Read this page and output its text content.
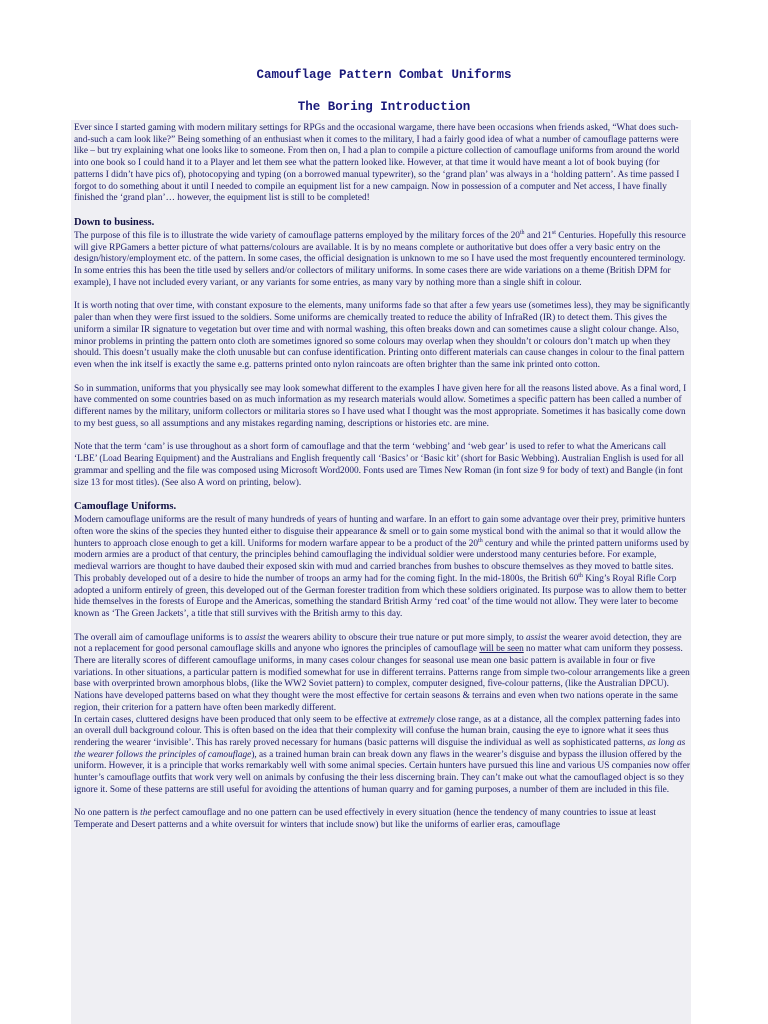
Camouflage Pattern Combat Uniforms
The Boring Introduction

Ever since I started gaming with modern military settings for RPGs and the occasional wargame, there have been occasions when friends asked, “What does such-and-such a cam look like?” Being something of an enthusiast when it comes to the military, I had a fairly good idea of what a number of camouflage patterns were like – but try explaining what one looks like to someone. From then on, I had a plan to compile a picture collection of camouflage uniforms from around the world into one book so I could hand it to a Player and let them see what the pattern looked like. However, at that time it would have meant a lot of book buying (for patterns I didn’t have pics of), photocopying and typing (on a borrowed manual typewriter), so the ‘grand plan’ was always in a ‘holding pattern’. As time passed I forgot to do something about it until I needed to compile an equipment list for a new campaign. Now in possession of a computer and Net access, I have finally finished the ‘grand plan’… however, the equipment list is still to be completed!

Down to business.

The purpose of this file is to illustrate the wide variety of camouflage patterns employed by the military forces of the 20th and 21st Centuries. Hopefully this resource will give RPGamers a better picture of what patterns/colours are available. It is by no means complete or authoritative but does offer a very basic entry on the design/history/employment etc. of the pattern. In some cases, the official designation is unknown to me so I have used the most frequently encountered terminology. In some entries this has been the title used by sellers and/or collectors of military uniforms. In some cases there are wide variations on a theme (British DPM for example), I have not included every variant, or any variants for some entries, as many vary by nothing more than a single shift in colour.

It is worth noting that over time, with constant exposure to the elements, many uniforms fade so that after a few years use (sometimes less), they may be significantly paler than when they were first issued to the soldiers. Some uniforms are chemically treated to reduce the ability of InfraRed (IR) to detect them. This gives the uniform a similar IR signature to vegetation but over time and with normal washing, this often breaks down and can sometimes cause a slight colour change. Also, minor problems in printing the pattern onto cloth are sometimes ignored so some colours may overlap when they shouldn’t or colours don’t match up when they should. This doesn’t usually make the cloth unusable but can confuse identification. Printing onto different materials can cause changes in colour to the final pattern even when the ink itself is exactly the same e.g. patterns printed onto nylon raincoats are often brighter than the same ink printed onto cotton.

So in summation, uniforms that you physically see may look somewhat different to the examples I have given here for all the reasons listed above. As a final word, I have commented on some countries based on as much information as my research materials would allow. Sometimes a specific pattern has been called a number of different names by the military, uniform collectors or militaria stores so I have used what I thought was the most appropriate. Sometimes it has basically come down to my best guess, so all assumptions and any mistakes regarding naming, descriptions or histories etc. are mine.

Note that the term ‘cam’ is use throughout as a short form of camouflage and that the term ‘webbing’ and ‘web gear’ is used to refer to what the Americans call ‘LBE’ (Load Bearing Equipment) and the Australians and English frequently call ‘Basics’ or ‘Basic kit’ (short for Basic Webbing). Australian English is used for all grammar and spelling and the file was composed using Microsoft Word2000. Fonts used are Times New Roman (in font size 9 for body of text) and Bangle (in font size 13 for most titles). (See also A word on printing, below).

Camouflage Uniforms.

Modern camouflage uniforms are the result of many hundreds of years of hunting and warfare. In an effort to gain some advantage over their prey, primitive hunters often wore the skins of the species they hunted either to disguise their appearance & smell or to gain some mystical bond with the animal so that it would allow the hunters to approach close enough to get a kill. Uniforms for modern warfare appear to be a product of the 20th century and while the printed pattern uniforms used by modern armies are a product of that century, the principles behind camouflaging the individual soldier were understood many centuries before. For example, medieval warriors are thought to have daubed their exposed skin with mud and carried branches from bushes to obscure themselves as they moved to battle sites. This probably developed out of a desire to hide the number of troops an army had for the coming fight. In the mid-1800s, the British 60th King’s Royal Rifle Corp adopted a uniform entirely of green, this developed out of the German forester tradition from which these soldiers originated. Its purpose was to allow them to better hide themselves in the forests of Europe and the Americas, something the standard British Army ‘red coat’ of the time would not allow. They were later to become known as ‘The Green Jackets’, a title that still survives with the British army to this day.

The overall aim of camouflage uniforms is to assist the wearers ability to obscure their true nature or put more simply, to assist the wearer avoid detection, they are not a replacement for good personal camouflage skills and anyone who ignores the principles of camouflage will be seen no matter what cam uniform they possess. There are literally scores of different camouflage uniforms, in many cases colour changes for seasonal use mean one basic pattern is available in four or five variations. In other situations, a particular pattern is modified somewhat for use in different terrains. Patterns range from simple two-colour arrangements like a green base with overprinted brown amorphous blobs, (like the WW2 Soviet pattern) to complex, computer designed, five-colour patterns, (like the Australian DPCU). Nations have developed patterns based on what they thought were the most effective for certain seasons & terrains and even when two nations operate in the same region, their criterion for a pattern have often been markedly different.

In certain cases, cluttered designs have been produced that only seem to be effective at extremely close range, as at a distance, all the complex patterning fades into an overall dull background colour. This is often based on the idea that their complexity will confuse the human brain, causing the eye to ignore what it sees thus rendering the wearer ‘invisible’. This has rarely proved necessary for humans (basic patterns will disguise the individual as well as sophisticated patterns, as long as the wearer follows the principles of camouflage), as a trained human brain can break down any flaws in the wearer’s disguise and bypass the illusion offered by the uniform. However, it is a principle that works remarkably well with some animal species. Certain hunters have pursued this line and various US companies now offer hunter’s camouflage outfits that work very well on animals by confusing the their less discerning brain. They can’t make out what the camouflaged object is so they ignore it. Some of these patterns are still useful for avoiding the attentions of human quarry and for gaming purposes, a number of them are included in this file.

No one pattern is the perfect camouflage and no one pattern can be used effectively in every situation (hence the tendency of many countries to issue at least Temperate and Desert patterns and a white oversuit for winters that include snow) but like the uniforms of earlier eras, camouflage
